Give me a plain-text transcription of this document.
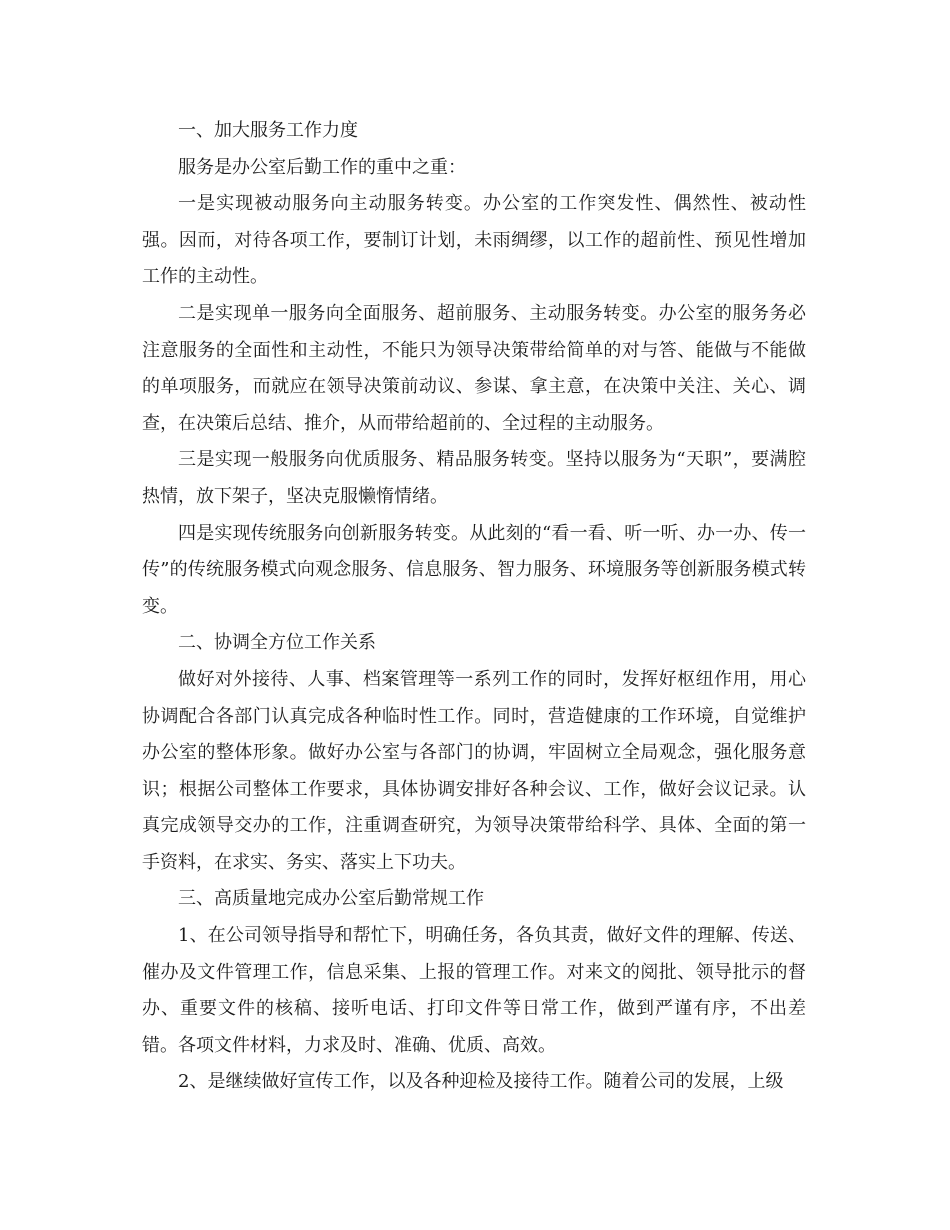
一、加大服务工作力度

服务是办公室后勤工作的重中之重：

一是实现被动服务向主动服务转变。办公室的工作突发性、偶然性、被动性强。因而，对待各项工作，要制订计划，未雨绸缪，以工作的超前性、预见性增加工作的主动性。

二是实现单一服务向全面服务、超前服务、主动服务转变。办公室的服务务必注意服务的全面性和主动性，不能只为领导决策带给简单的对与答、能做与不能做的单项服务，而就应在领导决策前动议、参谋、拿主意，在决策中关注、关心、调查，在决策后总结、推介，从而带给超前的、全过程的主动服务。

三是实现一般服务向优质服务、精品服务转变。坚持以服务为“天职”，要满腔热情，放下架子，坚决克服懒惰情绪。

四是实现传统服务向创新服务转变。从此刻的“看一看、听一听、办一办、传一传”的传统服务模式向观念服务、信息服务、智力服务、环境服务等创新服务模式转变。

二、协调全方位工作关系

做好对外接待、人事、档案管理等一系列工作的同时，发挥好枢纽作用，用心协调配合各部门认真完成各种临时性工作。同时，营造健康的工作环境，自觉维护办公室的整体形象。做好办公室与各部门的协调，牢固树立全局观念，强化服务意识；根据公司整体工作要求，具体协调安排好各种会议、工作，做好会议记录。认真完成领导交办的工作，注重调查研究，为领导决策带给科学、具体、全面的第一手资料，在求实、务实、落实上下功夫。

三、高质量地完成办公室后勤常规工作

1、在公司领导指导和帮忙下，明确任务，各负其责，做好文件的理解、传送、催办及文件管理工作，信息采集、上报的管理工作。对来文的阅批、领导批示的督办、重要文件的核稿、接听电话、打印文件等日常工作，做到严谨有序，不出差错。各项文件材料，力求及时、准确、优质、高效。

2、是继续做好宣传工作，以及各种迎检及接待工作。随着公司的发展，上级
